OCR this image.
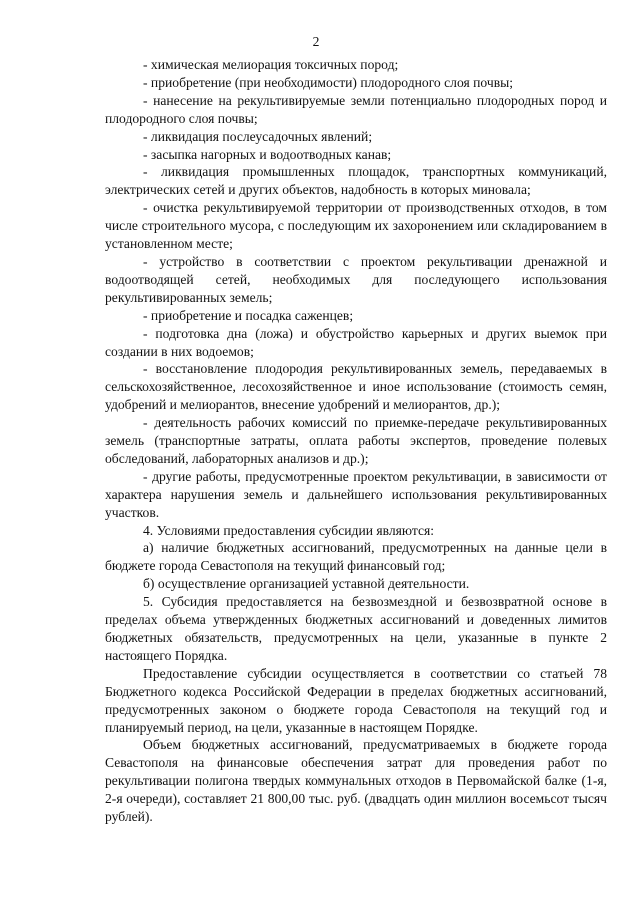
2

- химическая мелиорация токсичных пород;

- приобретение (при необходимости) плодородного слоя почвы;

- нанесение на рекультивируемые земли потенциально плодородных пород и плодородного слоя почвы;

- ликвидация послеусадочных явлений;

- засыпка нагорных и водоотводных канав;

- ликвидация промышленных площадок, транспортных коммуникаций, электрических сетей и других объектов, надобность в которых миновала;

- очистка рекультивируемой территории от производственных отходов, в том числе строительного мусора, с последующим их захоронением или складированием в установленном месте;

- устройство в соответствии с проектом рекультивации дренажной и водоотводящей сетей, необходимых для последующего использования рекультивированных земель;

- приобретение и посадка саженцев;

- подготовка дна (ложа) и обустройство карьерных и других выемок при создании в них водоемов;

- восстановление плодородия рекультивированных земель, передаваемых в сельскохозяйственное, лесохозяйственное и иное использование (стоимость семян, удобрений и мелиорантов, внесение удобрений и мелиорантов, др.);

- деятельность рабочих комиссий по приемке-передаче рекультивированных земель (транспортные затраты, оплата работы экспертов, проведение полевых обследований, лабораторных анализов и др.);

- другие работы, предусмотренные проектом рекультивации, в зависимости от характера нарушения земель и дальнейшего использования рекультивированных участков.

4. Условиями предоставления субсидии являются:

а) наличие бюджетных ассигнований, предусмотренных на данные цели в бюджете города Севастополя на текущий финансовый год;

б) осуществление организацией уставной деятельности.

5. Субсидия предоставляется на безвозмездной и безвозвратной основе в пределах объема утвержденных бюджетных ассигнований и доведенных лимитов бюджетных обязательств, предусмотренных на цели, указанные в пункте 2 настоящего Порядка.

Предоставление субсидии осуществляется в соответствии со статьей 78 Бюджетного кодекса Российской Федерации в пределах бюджетных ассигнований, предусмотренных законом о бюджете города Севастополя на текущий год и планируемый период, на цели, указанные в настоящем Порядке.

Объем бюджетных ассигнований, предусматриваемых в бюджете города Севастополя на финансовые обеспечения затрат для проведения работ по рекультивации полигона твердых коммунальных отходов в Первомайской балке (1-я, 2-я очереди), составляет 21 800,00 тыс. руб. (двадцать один миллион восемьсот тысяч рублей).
